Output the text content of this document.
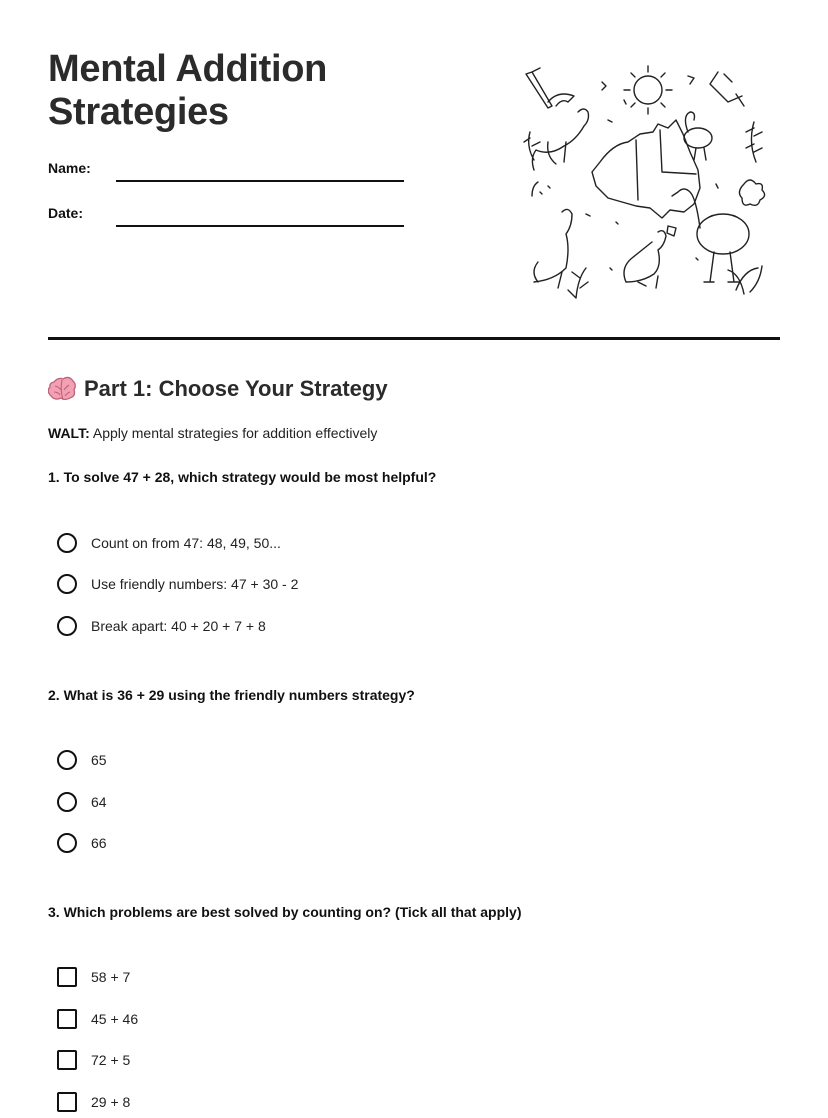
Mental Addition
Strategies
Name:
Date:
Part 1: Choose Your Strategy
WALT: Apply mental strategies for addition effectively
1. To solve 47 + 28, which strategy would be most helpful?
Count on from 47: 48, 49, 50...
Use friendly numbers: 47 + 30 - 2
Break apart: 40 + 20 + 7 + 8
2. What is 36 + 29 using the friendly numbers strategy?
65
64
66
3. Which problems are best solved by counting on? (Tick all that apply)
58 + 7
45 + 46
72 + 5
29 + 8
